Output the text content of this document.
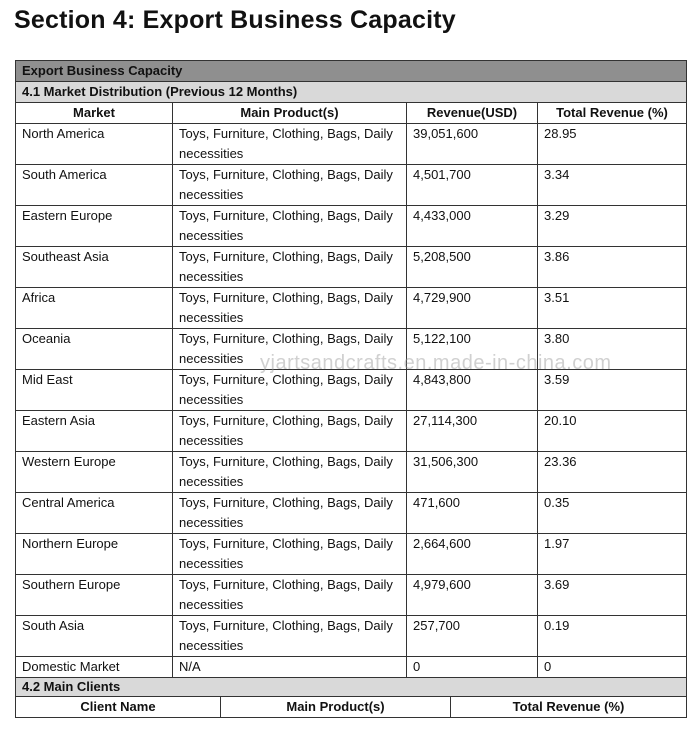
Section 4: Export Business Capacity
Export Business Capacity			
4.1 Market Distribution (Previous 12 Months)			
Market	Main Product(s)	Revenue(USD)	Total Revenue (%)
North America	Toys, Furniture, Clothing, Bags, Daily necessities	39,051,600	28.95
South America	Toys, Furniture, Clothing, Bags, Daily necessities	4,501,700	3.34
Eastern Europe	Toys, Furniture, Clothing, Bags, Daily necessities	4,433,000	3.29
Southeast Asia	Toys, Furniture, Clothing, Bags, Daily necessities	5,208,500	3.86
Africa	Toys, Furniture, Clothing, Bags, Daily necessities	4,729,900	3.51
Oceania	Toys, Furniture, Clothing, Bags, Daily necessities	5,122,100	3.80
Mid East	Toys, Furniture, Clothing, Bags, Daily necessities	4,843,800	3.59
Eastern Asia	Toys, Furniture, Clothing, Bags, Daily necessities	27,114,300	20.10
Western Europe	Toys, Furniture, Clothing, Bags, Daily necessities	31,506,300	23.36
Central America	Toys, Furniture, Clothing, Bags, Daily necessities	471,600	0.35
Northern Europe	Toys, Furniture, Clothing, Bags, Daily necessities	2,664,600	1.97
Southern Europe	Toys, Furniture, Clothing, Bags, Daily necessities	4,979,600	3.69
South Asia	Toys, Furniture, Clothing, Bags, Daily necessities	257,700	0.19
Domestic Market	N/A	0	0
yjartsandcrafts.en.made-in-china.com
4.2 Main Clients
Client Name	Main Product(s)	Total Revenue (%)
